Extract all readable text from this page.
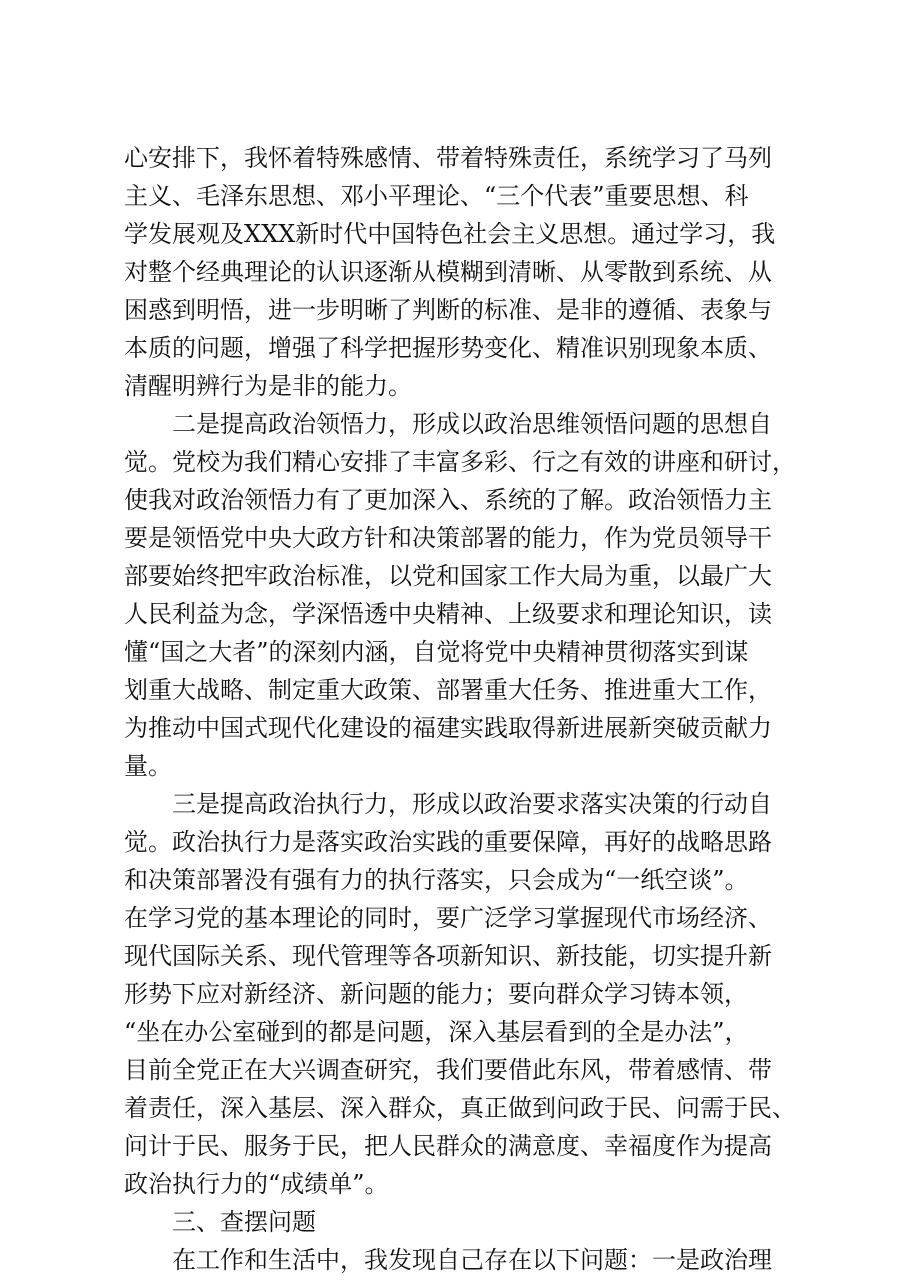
心安排下，我怀着特殊感情、带着特殊责任，系统学习了马列
主义、毛泽东思想、邓小平理论、“三个代表”重要思想、科
学发展观及XXX新时代中国特色社会主义思想。通过学习，我
对整个经典理论的认识逐渐从模糊到清晰、从零散到系统、从
困惑到明悟，进一步明晰了判断的标准、是非的遵循、表象与
本质的问题，增强了科学把握形势变化、精准识别现象本质、
清醒明辨行为是非的能力。
二是提高政治领悟力，形成以政治思维领悟问题的思想自
觉。党校为我们精心安排了丰富多彩、行之有效的讲座和研讨，
使我对政治领悟力有了更加深入、系统的了解。政治领悟力主
要是领悟党中央大政方针和决策部署的能力，作为党员领导干
部要始终把牢政治标准，以党和国家工作大局为重，以最广大
人民利益为念，学深悟透中央精神、上级要求和理论知识，读
懂“国之大者”的深刻内涵，自觉将党中央精神贯彻落实到谋
划重大战略、制定重大政策、部署重大任务、推进重大工作，
为推动中国式现代化建设的福建实践取得新进展新突破贡献力
量。
三是提高政治执行力，形成以政治要求落实决策的行动自
觉。政治执行力是落实政治实践的重要保障，再好的战略思路
和决策部署没有强有力的执行落实，只会成为“一纸空谈”。
在学习党的基本理论的同时，要广泛学习掌握现代市场经济、
现代国际关系、现代管理等各项新知识、新技能，切实提升新
形势下应对新经济、新问题的能力；要向群众学习铸本领，
“坐在办公室碰到的都是问题，深入基层看到的全是办法”，
目前全党正在大兴调查研究，我们要借此东风，带着感情、带
着责任，深入基层、深入群众，真正做到问政于民、问需于民、
问计于民、服务于民，把人民群众的满意度、幸福度作为提高
政治执行力的“成绩单”。
三、查摆问题
在工作和生活中，我发现自己存在以下问题：一是政治理
